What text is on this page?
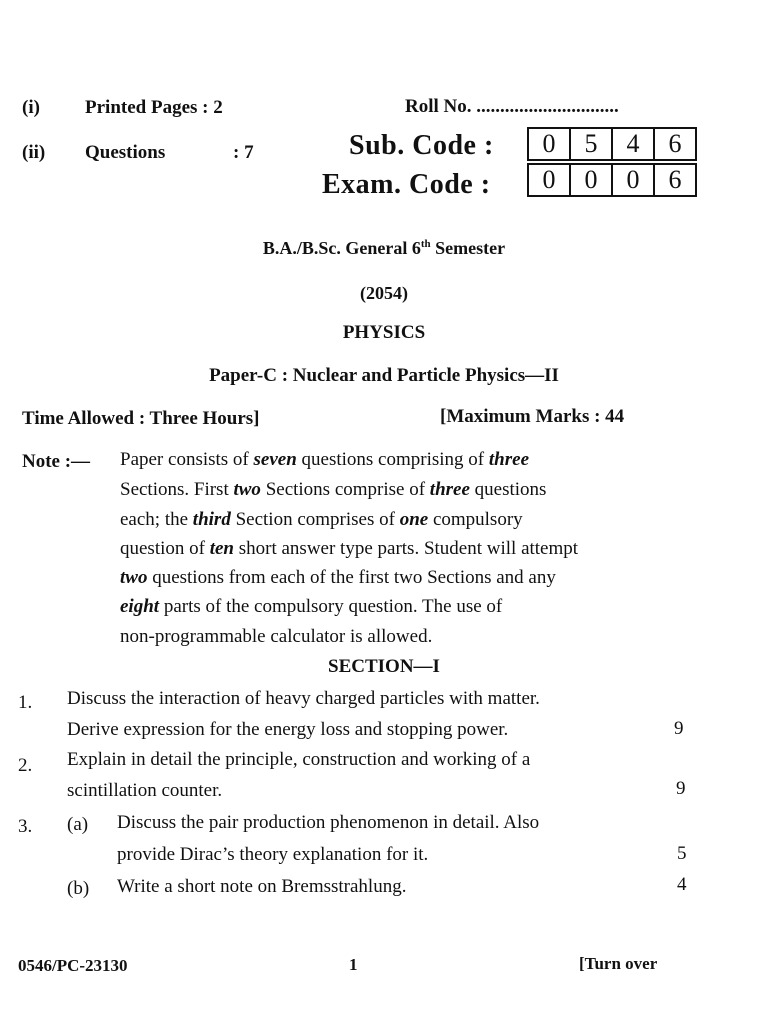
(i) Printed Pages : 2
(ii) Questions	: 7
Roll No. ..............................
Sub. Code :	0	5	4	6
Exam. Code :	0	0	0	6
B.A./B.Sc. General 6th Semester
(2054)
PHYSICS
Paper-C : Nuclear and Particle Physics—II
Time Allowed : Three Hours]	[Maximum Marks : 44
Note :— Paper consists of seven questions comprising of three
Sections. First two Sections comprise of three questions
each; the third Section comprises of one compulsory
question of ten short answer type parts. Student will attempt
two questions from each of the first two Sections and any
eight parts of the compulsory question. The use of
non-programmable calculator is allowed.
SECTION—I
1. Discuss the interaction of heavy charged particles with matter.
Derive expression for the energy loss and stopping power.	9
2. Explain in detail the principle, construction and working of a
scintillation counter.	9
3. (a) Discuss the pair production phenomenon in detail. Also
provide Dirac’s theory explanation for it.	5
(b) Write a short note on Bremsstrahlung.	4
0546/PC-23130	1	[Turn over
